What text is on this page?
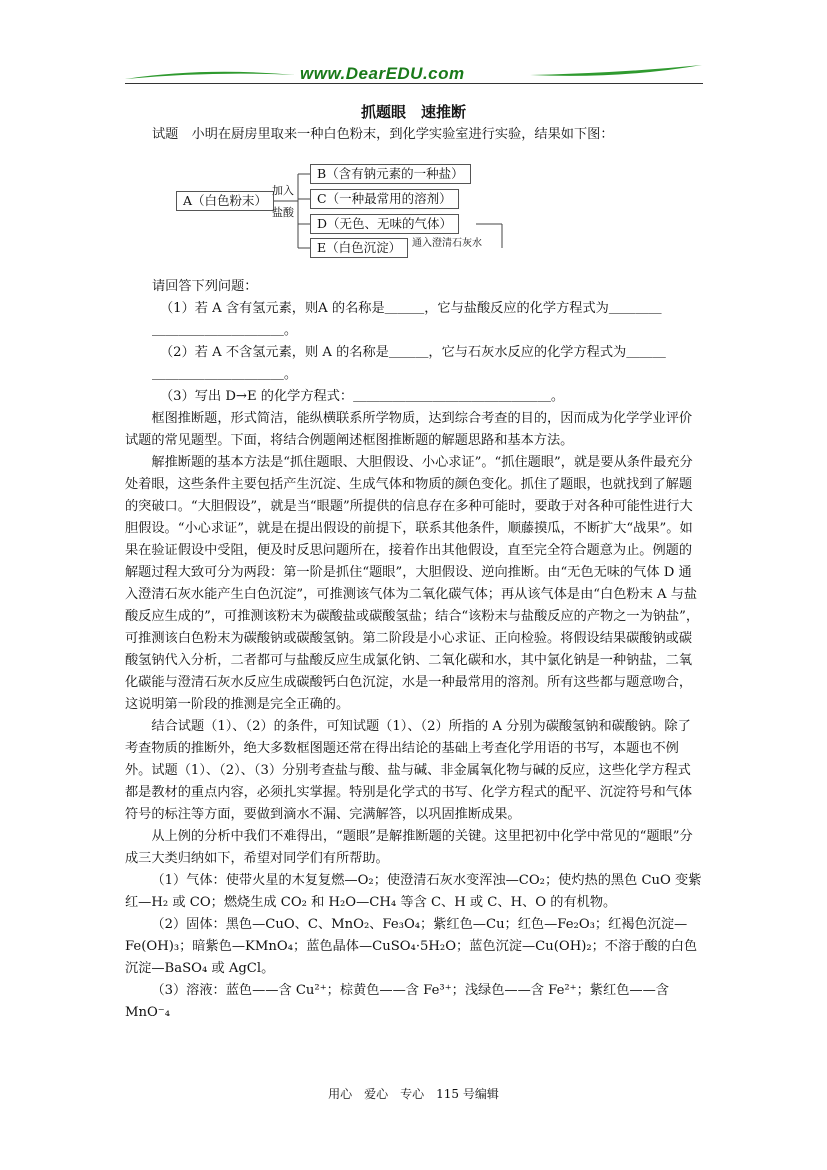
www.DearEDU.com
抓题眼　速推断
试题　小明在厨房里取来一种白色粉末，到化学实验室进行实验，结果如下图：
A（白色粉末）
加入
盐酸
B（含有钠元素的一种盐）
C（一种最常用的溶剂）
D（无色、无味的气体）
E（白色沉淀）	通入澄清石灰水
请回答下列问题：
（1）若 A 含有氢元素，则A 的名称是＿＿＿，它与盐酸反应的化学方程式为＿＿＿＿
＿＿＿＿＿＿＿＿＿＿。
（2）若 A 不含氢元素，则 A 的名称是＿＿＿，它与石灰水反应的化学方程式为＿＿＿
＿＿＿＿＿＿＿＿＿＿。
（3）写出 D→E 的化学方程式：＿＿＿＿＿＿＿＿＿＿＿＿＿＿＿。
框图推断题，形式简洁，能纵横联系所学物质，达到综合考查的目的，因而成为化学学业评价试题的常见题型。下面，将结合例题阐述框图推断题的解题思路和基本方法。
解推断题的基本方法是“抓住题眼、大胆假设、小心求证”。“抓住题眼”，就是要从条件最充分处着眼，这些条件主要包括产生沉淀、生成气体和物质的颜色变化。抓住了题眼，也就找到了解题的突破口。“大胆假设”，就是当“眼题”所提供的信息存在多种可能时，要敢于对各种可能性进行大胆假设。“小心求证”，就是在提出假设的前提下，联系其他条件，顺藤摸瓜，不断扩大“战果”。如果在验证假设中受阻，便及时反思问题所在，接着作出其他假设，直至完全符合题意为止。例题的解题过程大致可分为两段：第一阶是抓住“题眼”，大胆假设、逆向推断。由“无色无味的气体 D 通入澄清石灰水能产生白色沉淀”，可推测该气体为二氧化碳气体；再从该气体是由“白色粉末 A 与盐酸反应生成的”，可推测该粉末为碳酸盐或碳酸氢盐；结合“该粉末与盐酸反应的产物之一为钠盐”，可推测该白色粉末为碳酸钠或碳酸氢钠。第二阶段是小心求证、正向检验。将假设结果碳酸钠或碳酸氢钠代入分析，二者都可与盐酸反应生成氯化钠、二氧化碳和水，其中氯化钠是一种钠盐，二氧化碳能与澄清石灰水反应生成碳酸钙白色沉淀，水是一种最常用的溶剂。所有这些都与题意吻合，这说明第一阶段的推测是完全正确的。
结合试题（1）、（2）的条件，可知试题（1）、（2）所指的 A 分别为碳酸氢钠和碳酸钠。除了考查物质的推断外，绝大多数框图题还常在得出结论的基础上考查化学用语的书写，本题也不例外。试题（1）、（2）、（3）分别考查盐与酸、盐与碱、非金属氧化物与碱的反应，这些化学方程式都是教材的重点内容，必须扎实掌握。特别是化学式的书写、化学方程式的配平、沉淀符号和气体符号的标注等方面，要做到滴水不漏、完满解答，以巩固推断成果。
从上例的分析中我们不难得出，“题眼”是解推断题的关键。这里把初中化学中常见的“题眼”分成三大类归纳如下，希望对同学们有所帮助。
（1）气体：使带火星的木复复燃—O₂；使澄清石灰水变浑浊—CO₂；使灼热的黑色 CuO 变紫红—H₂ 或 CO；燃烧生成 CO₂ 和 H₂O—CH₄ 等含 C、H 或 C、H、O 的有机物。
（2）固体：黑色—CuO、C、MnO₂、Fe₃O₄；紫红色—Cu；红色—Fe₂O₃；红褐色沉淀—Fe(OH)₃；暗紫色—KMnO₄；蓝色晶体—CuSO₄·5H₂O；蓝色沉淀—Cu(OH)₂；不溶于酸的白色沉淀—BaSO₄ 或 AgCl。
（3）溶液：蓝色——含 Cu²⁺；棕黄色——含 Fe³⁺；浅绿色——含 Fe²⁺；紫红色——含 MnO⁻₄
用心　爱心　专心　115 号编辑
